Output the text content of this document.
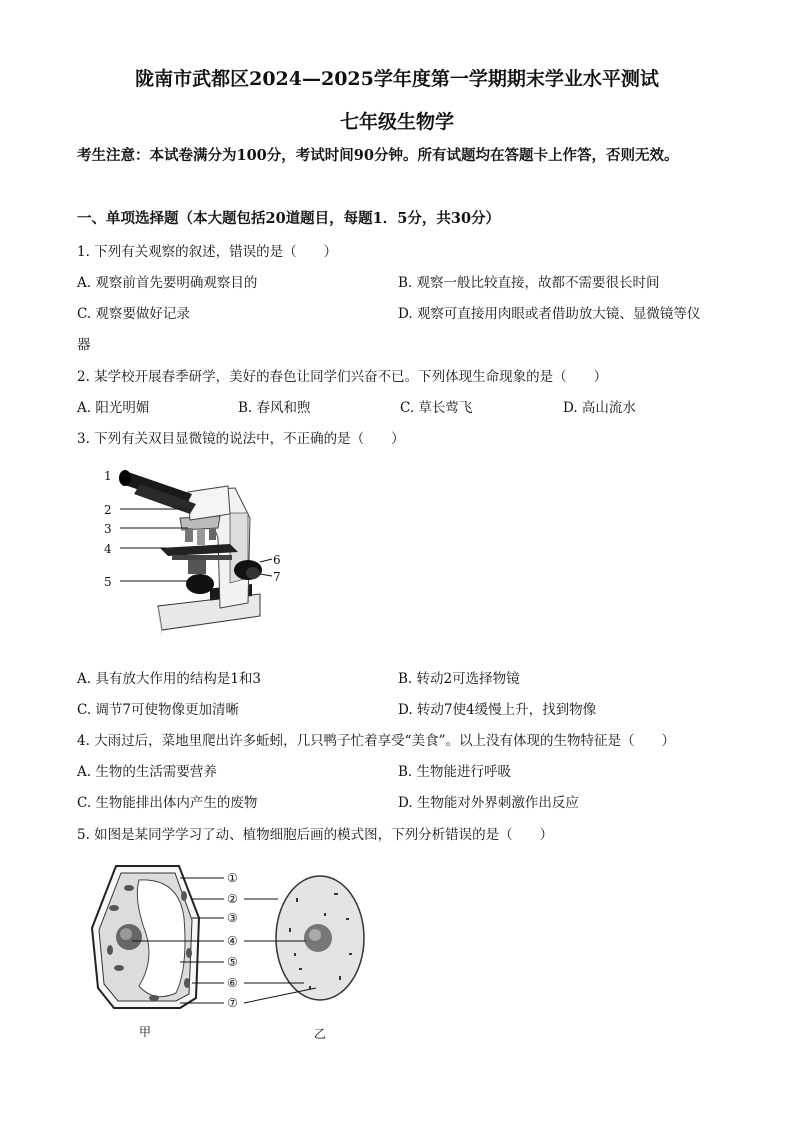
陇南市武都区2024—2025学年度第一学期期末学业水平测试
七年级生物学
考生注意：本试卷满分为100分，考试时间90分钟。所有试题均在答题卡上作答，否则无效。
一、单项选择题（本大题包括20道题目，每题1．5分，共30分）
1. 下列有关观察的叙述，错误的是（　　）
A. 观察前首先要明确观察目的	B. 观察一般比较直接，故都不需要很长时间
C. 观察要做好记录	D. 观察可直接用肉眼或者借助放大镜、显微镜等仪
器
2. 某学校开展春季研学，美好的春色让同学们兴奋不已。下列体现生命现象的是（　　）
A. 阳光明媚	B. 春风和煦	C. 草长莺飞	D. 高山流水
3. 下列有关双目显微镜的说法中，不正确的是（　　）
1
2
3
4
5
6
7
A. 具有放大作用的结构是1和3	B. 转动2可选择物镜
C. 调节7可使物像更加清晰	D. 转动7使4缓慢上升，找到物像
4. 大雨过后，菜地里爬出许多蚯蚓，几只鸭子忙着享受“美食”。以上没有体现的生物特征是（　　）
A. 生物的生活需要营养	B. 生物能进行呼吸
C. 生物能排出体内产生的废物	D. 生物能对外界刺激作出反应
5. 如图是某同学学习了动、植物细胞后画的模式图，下列分析错误的是（　　）
①
②
③
④
⑤
⑥
⑦
甲	乙
